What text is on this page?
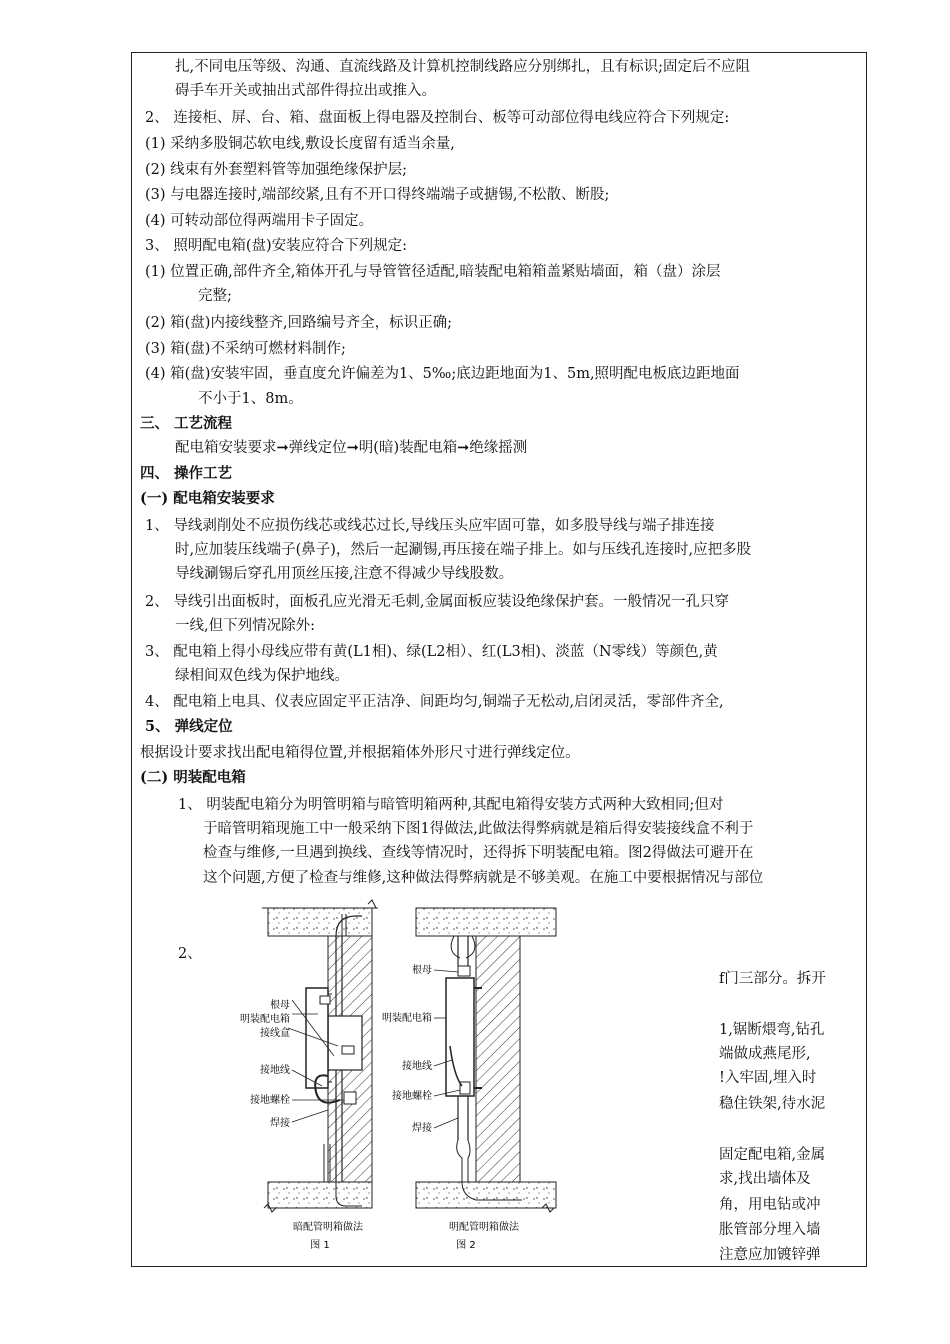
扎,不同电压等级、沟通、直流线路及计算机控制线路应分别绑扎，且有标识;固定后不应阻
碍手车开关或抽出式部件得拉出或推入。
2、 连接柜、屏、台、箱、盘面板上得电器及控制台、板等可动部位得电线应符合下列规定:
(1) 采纳多股铜芯软电线,敷设长度留有适当余量,
(2) 线束有外套塑料管等加强绝缘保护层;
(3) 与电器连接时,端部绞紧,且有不开口得终端端子或搪锡,不松散、断股;
(4) 可转动部位得两端用卡子固定。
3、 照明配电箱(盘)安装应符合下列规定:
(1) 位置正确,部件齐全,箱体开孔与导管管径适配,暗装配电箱箱盖紧贴墙面，箱（盘）涂层
完整;
(2) 箱(盘)内接线整齐,回路编号齐全，标识正确;
(3) 箱(盘)不采纳可燃材料制作;
(4) 箱(盘)安装牢固，垂直度允许偏差为1、5‰;底边距地面为1、5m,照明配电板底边距地面
不小于1、8m。
三、 工艺流程
配电箱安装要求➞弹线定位➞明(暗)装配电箱➞绝缘摇测
四、 操作工艺
(一) 配电箱安装要求
1、 导线剥削处不应损伤线芯或线芯过长,导线压头应牢固可靠，如多股导线与端子排连接
时,应加装压线端子(鼻子)，然后一起涮锡,再压接在端子排上。如与压线孔连接时,应把多股
导线涮锡后穿孔用顶丝压接,注意不得减少导线股数。
2、 导线引出面板时，面板孔应光滑无毛刺,金属面板应装设绝缘保护套。一般情况一孔只穿
一线,但下列情况除外:
3、 配电箱上得小母线应带有黄(L1相)、绿(L2相）、红(L3相)、淡蓝（N零线）等颜色,黄
绿相间双色线为保护地线。
4、 配电箱上电具、仪表应固定平正洁净、间距均匀,铜端子无松动,启闭灵活，零部件齐全,
5、 弹线定位
根据设计要求找出配电箱得位置,并根据箱体外形尺寸进行弹线定位。
(二) 明装配电箱
1、 明装配电箱分为明管明箱与暗管明箱两种,其配电箱得安装方式两种大致相同;但对
于暗管明箱现施工中一般采纳下图1得做法,此做法得弊病就是箱后得安装接线盒不利于
检查与维修,一旦遇到换线、查线等情况时，还得拆下明装配电箱。图2得做法可避开在
这个问题,方便了检查与维修,这种做法得弊病就是不够美观。在施工中要根据情况与部位
2、
f门三部分。拆开
1,锯断煨弯,钻孔
端做成燕尾形,
!入牢固,埋入时
稳住铁架,待水泥
固定配电箱,金属
求,找出墙体及
角，用电钻或冲
胀管部分埋入墙
注意应加镀锌弹
根母
明装配电箱
接线盒
接地线
接地螺栓
焊接
暗配管明箱做法
图 1
根母
明装配电箱
接地线
接地螺栓
焊接
明配管明箱做法
图 2
